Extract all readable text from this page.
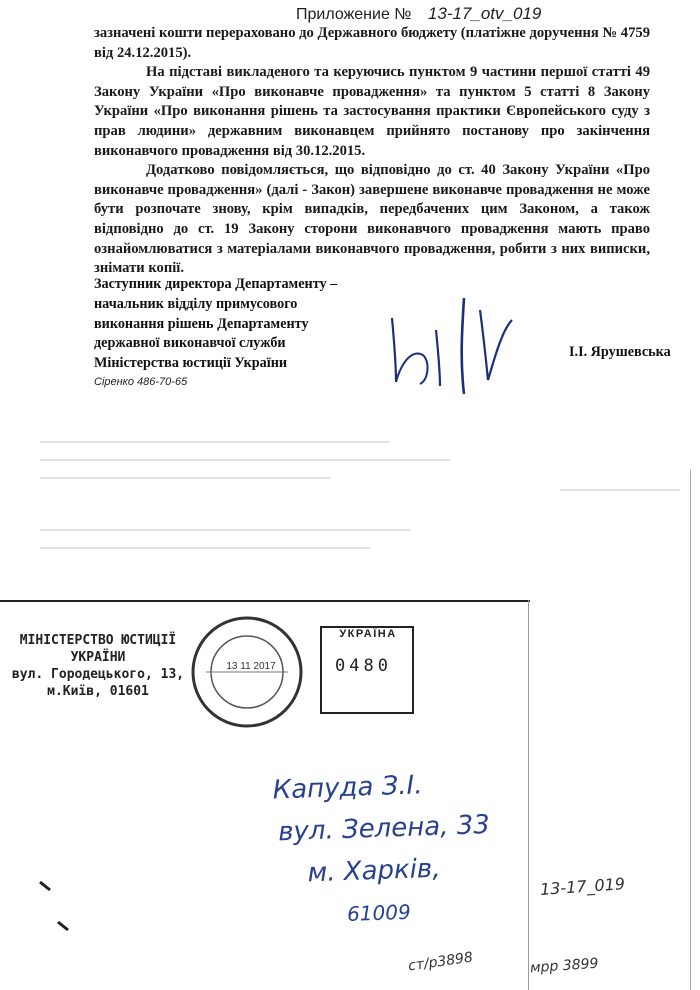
Приложение № 13-17_otv_019

зазначені кошти перераховано до Державного бюджету (платіжне доручення № 4759 від 24.12.2015).

На підставі викладеного та керуючись пунктом 9 частини першої статті 49 Закону України «Про виконавче провадження» та пунктом 5 статті 8 Закону України «Про виконання рішень та застосування практики Європейського суду з прав людини» державним виконавцем прийнято постанову про закінчення виконавчого провадження від 30.12.2015.

Додатково повідомляється, що відповідно до ст. 40 Закону України «Про виконавче провадження» (далі - Закон) завершене виконавче провадження не може бути розпочате знову, крім випадків, передбачених цим Законом, а також відповідно до ст. 19 Закону сторони виконавчого провадження мають право ознайомлюватися з матеріалами виконавчого провадження, робити з них виписки, знімати копії.

Заступник директора Департаменту –
начальник відділу примусового
виконання рішень Департаменту
державної виконавчої служби
Міністерства юстиції України
І.І. Ярушевська
Сіренко 486-70-65
МІНІСТЕРСТВО ЮСТИЦІЇ
УКРАЇНИ
вул. Городецького, 13,
м.Київ, 01601
13 11 2017
УКРАЇНА
0480
Капуда З.І.
вул. Зелена, 33
м. Харків,
61009
13-17_019
ст/р3898	мрр 3899
